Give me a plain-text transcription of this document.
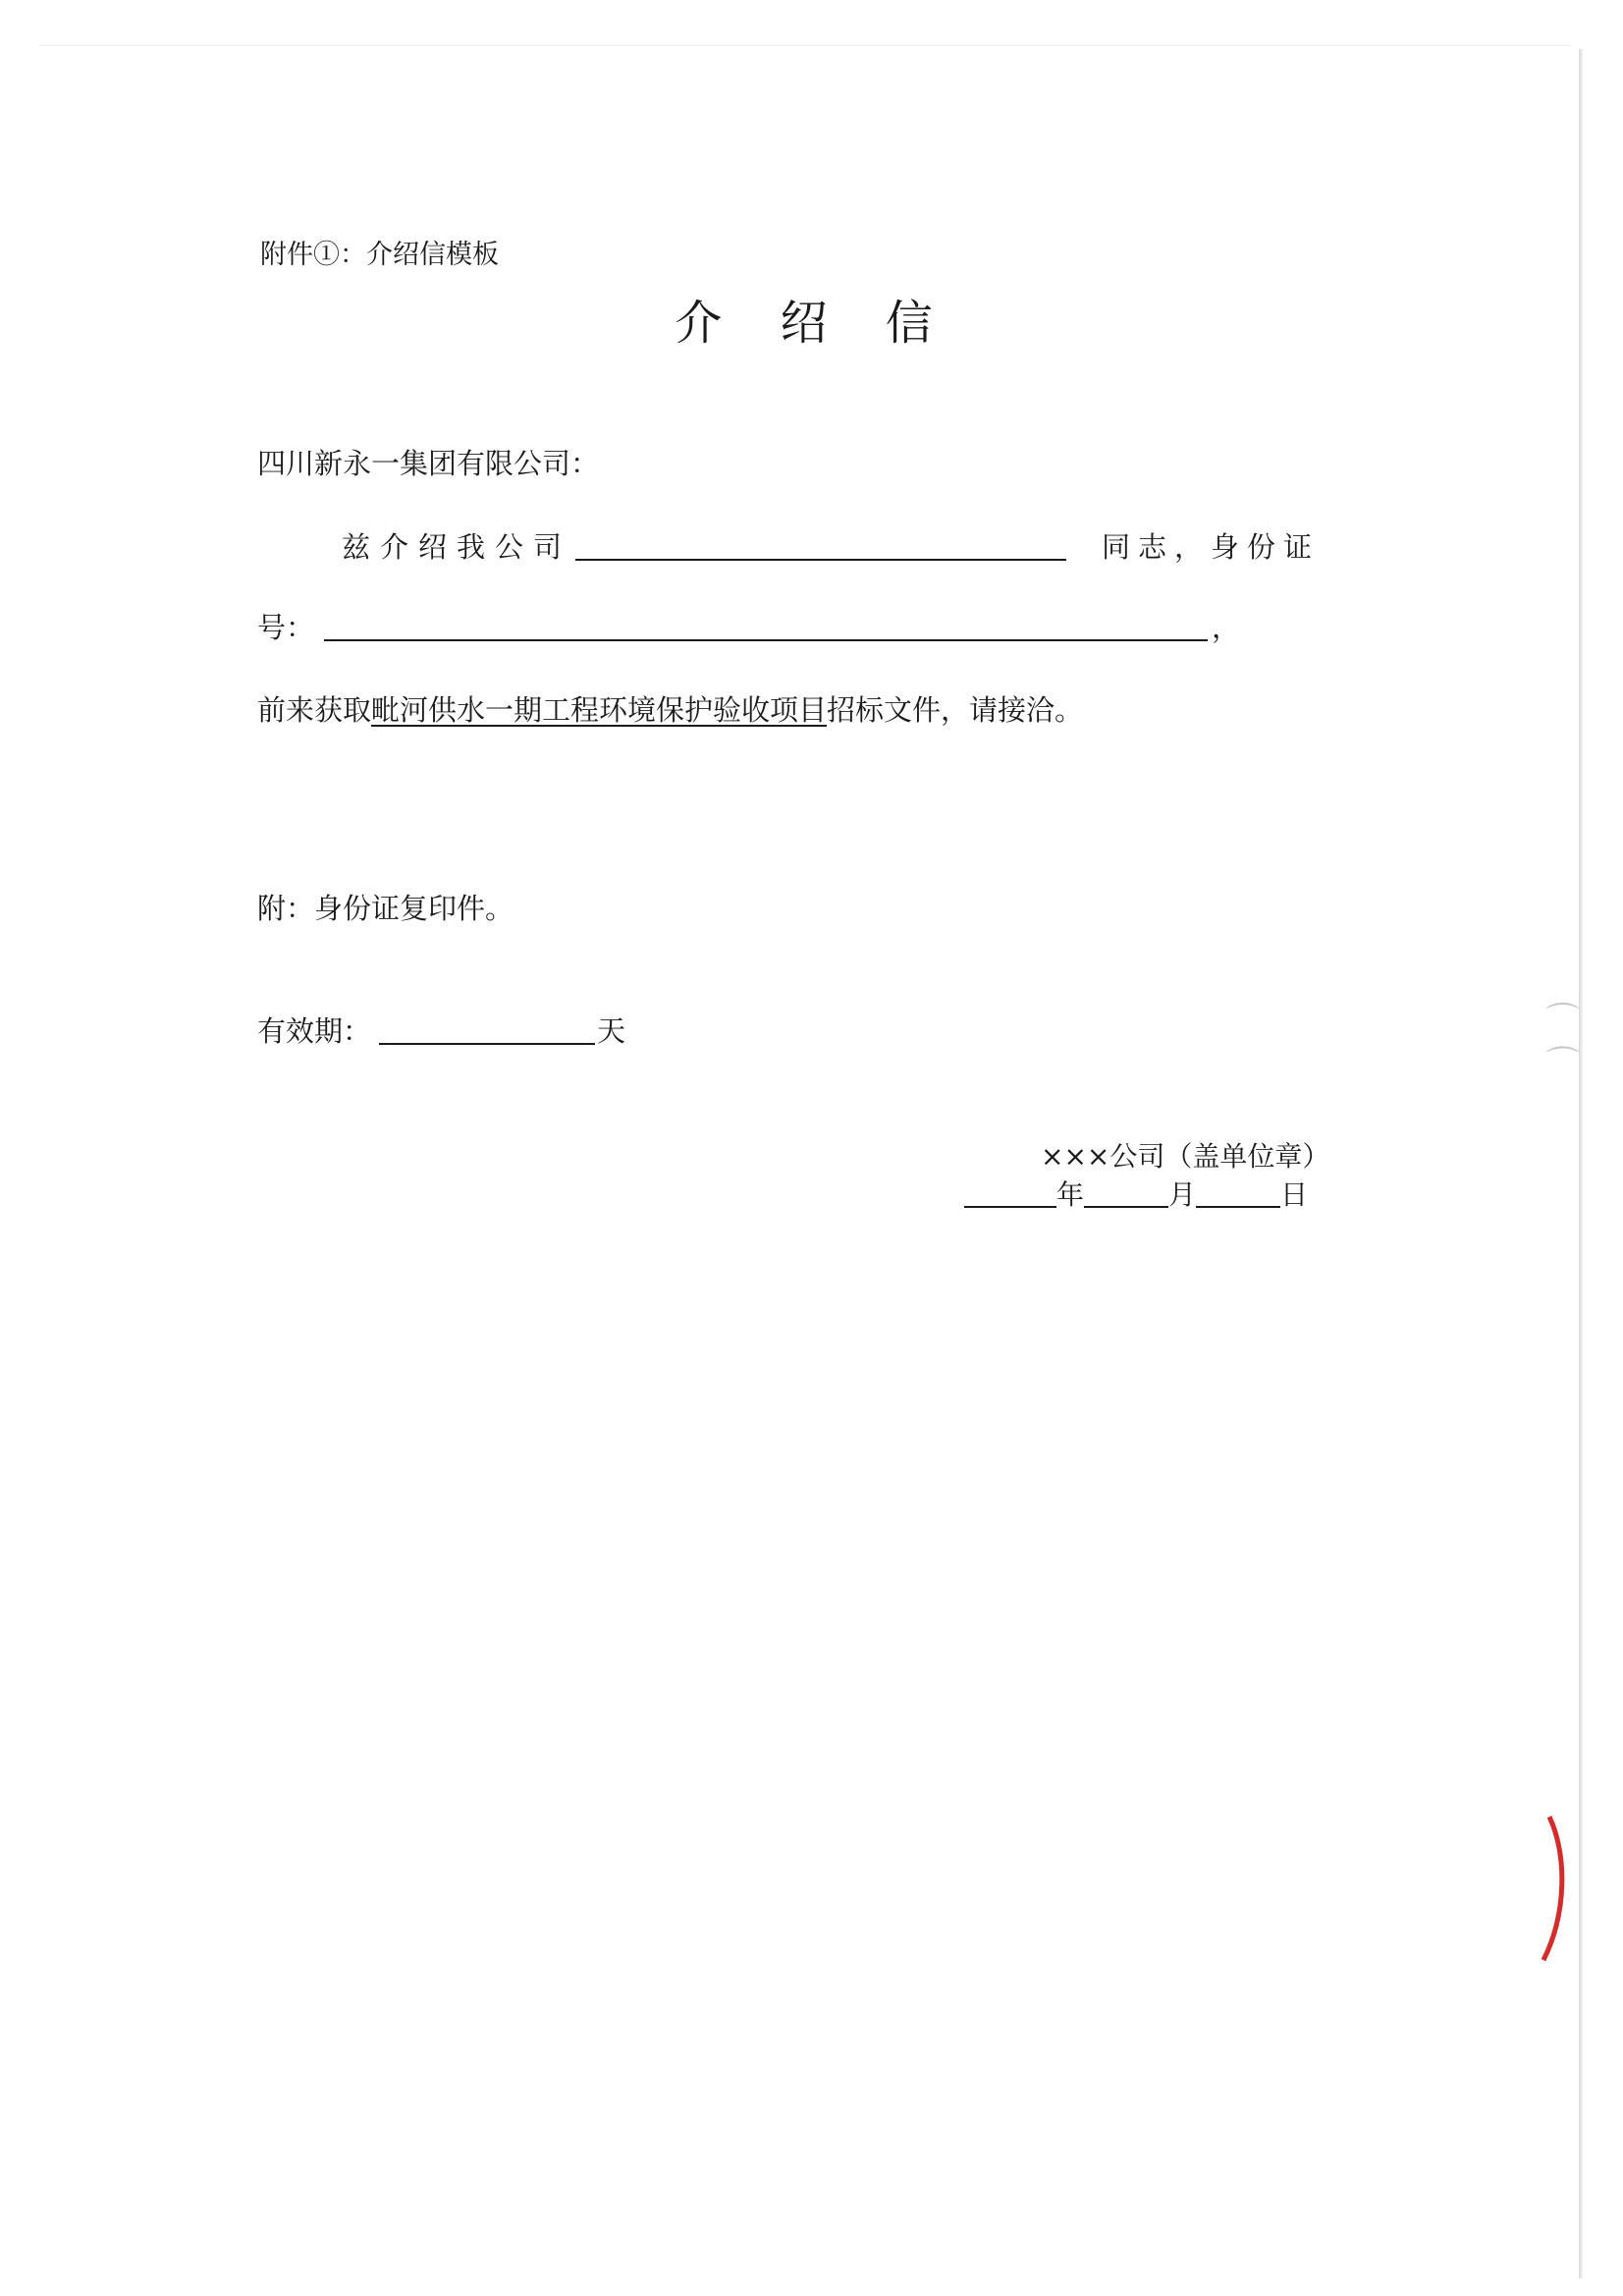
⌒ ⌒
附件①：介绍信模板
介 绍 信
四川新永一集团有限公司：
兹介绍我公司	同志，身份证
号：	，
前来获取毗河供水一期工程环境保护验收项目招标文件，请接洽。
附：身份证复印件。
有效期：	天
×××公司（盖单位章）
年	月	日
